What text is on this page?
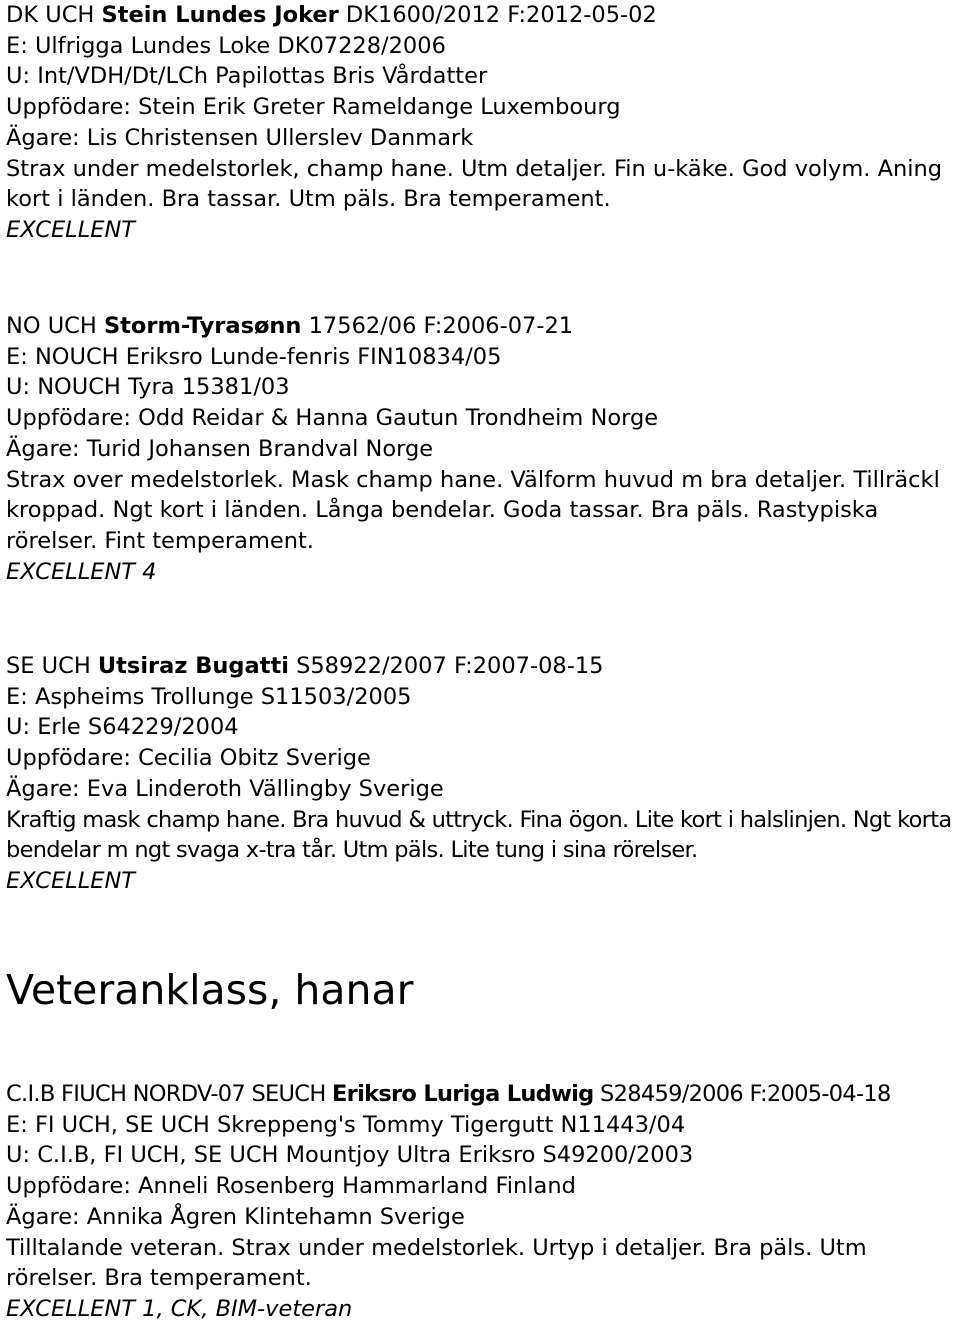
DK UCH Stein Lundes Joker DK1600/2012 F:2012-05-02
E: Ulfrigga Lundes Loke DK07228/2006
U: Int/VDH/Dt/LCh Papilottas Bris Vårdatter
Uppfödare: Stein Erik Greter Rameldange Luxembourg
Ägare: Lis Christensen Ullerslev Danmark
Strax under medelstorlek, champ hane. Utm detaljer. Fin u-käke. God volym. Aning kort i länden. Bra tassar. Utm päls. Bra temperament.
EXCELLENT
NO UCH Storm-Tyrasønn 17562/06 F:2006-07-21
E: NOUCH Eriksro Lunde-fenris FIN10834/05
U: NOUCH Tyra 15381/03
Uppfödare: Odd Reidar & Hanna Gautun Trondheim Norge
Ägare: Turid Johansen Brandval Norge
Strax over medelstorlek. Mask champ hane. Välform huvud m bra detaljer. Tillräckl kroppad. Ngt kort i länden. Långa bendelar. Goda tassar. Bra päls. Rastypiska rörelser. Fint temperament.
EXCELLENT 4
SE UCH Utsiraz Bugatti S58922/2007 F:2007-08-15
E: Aspheims Trollunge S11503/2005
U: Erle S64229/2004
Uppfödare: Cecilia Obitz Sverige
Ägare: Eva Linderoth Vällingby Sverige
Kraftig mask champ hane. Bra huvud & uttryck. Fina ögon. Lite kort i halslinjen. Ngt korta bendelar m ngt svaga x-tra tår. Utm päls. Lite tung i sina rörelser.
EXCELLENT
Veteranklass, hanar
C.I.B FIUCH NORDV-07 SEUCH Eriksro Luriga Ludwig S28459/2006 F:2005-04-18
E: FI UCH, SE UCH Skreppeng's Tommy Tigergutt N11443/04
U: C.I.B, FI UCH, SE UCH Mountjoy Ultra Eriksro S49200/2003
Uppfödare: Anneli Rosenberg Hammarland Finland
Ägare: Annika Ågren Klintehamn Sverige
Tilltalande veteran. Strax under medelstorlek. Urtyp i detaljer. Bra päls. Utm rörelser. Bra temperament.
EXCELLENT 1, CK, BIM-veteran
